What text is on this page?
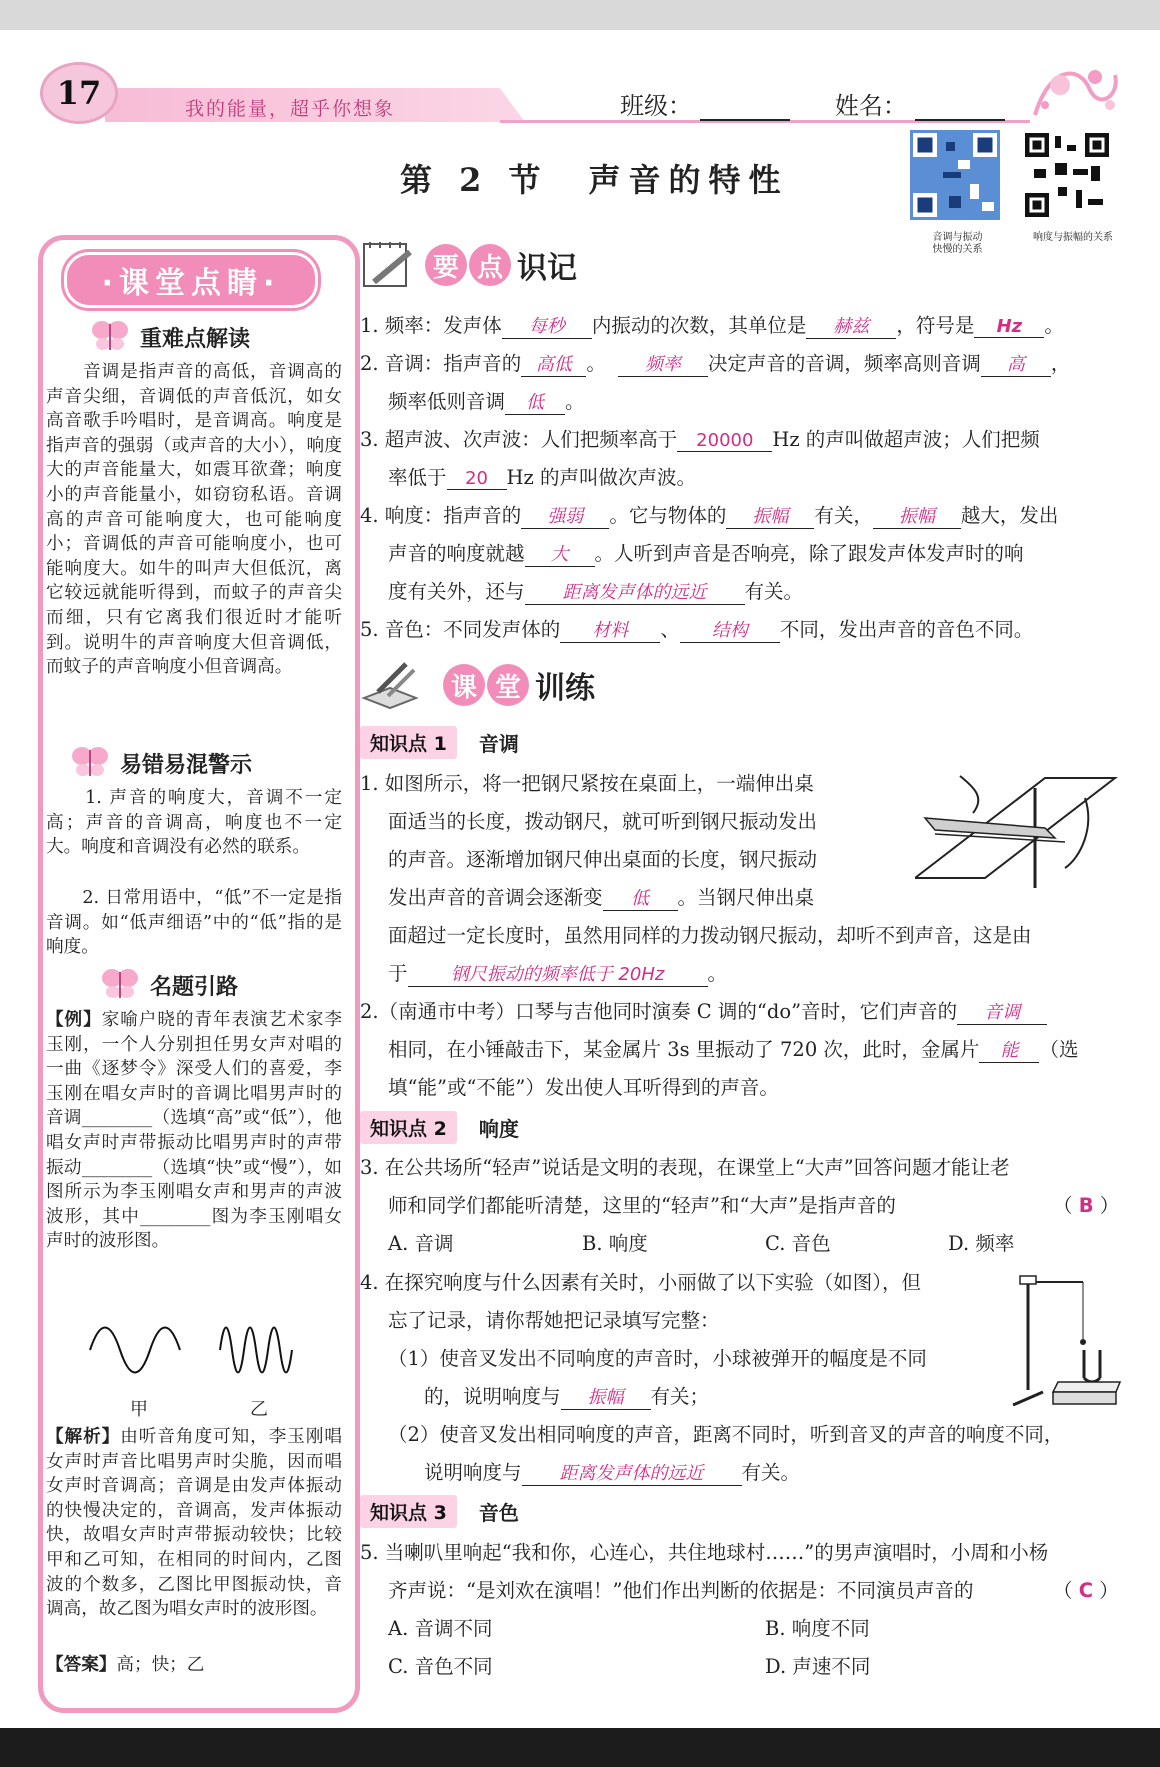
17	我的能量，超乎你想象	班级：	姓名：
第 2 节　声音的特性
音调与振动
快慢的关系
响度与振幅的关系
·课堂点睛·
重难点解读
　　音调是指声音的高低，音调高的声音尖细，音调低的声音低沉，如女高音歌手吟唱时，是音调高。响度是指声音的强弱（或声音的大小），响度大的声音能量大，如震耳欲聋；响度小的声音能量小，如窃窃私语。音调高的声音可能响度大，也可能响度小；音调低的声音可能响度小，也可能响度大。如牛的叫声大但低沉，离它较远就能听得到，而蚊子的声音尖而细，只有它离我们很近时才能听到。说明牛的声音响度大但音调低，而蚊子的声音响度小但音调高。
易错易混警示
　　1. 声音的响度大，音调不一定高；声音的音调高，响度也不一定大。响度和音调没有必然的联系。
　　2. 日常用语中，“低”不一定是指音调。如“低声细语”中的“低”指的是响度。
名题引路
【例】家喻户晓的青年表演艺术家李玉刚，一个人分别担任男女声对唱的一曲《逐梦令》深受人们的喜爱，李玉刚在唱女声时的音调比唱男声时的音调________（选填“高”或“低”），他唱女声时声带振动比唱男声时的声带振动________（选填“快”或“慢”），如图所示为李玉刚唱女声和男声的声波波形，其中________图为李玉刚唱女声时的波形图。
甲	乙
【解析】由听音角度可知，李玉刚唱女声时声音比唱男声时尖脆，因而唱女声时音调高；音调是由发声体振动的快慢决定的，音调高，发声体振动快，故唱女声时声带振动较快；比较甲和乙可知，在相同的时间内，乙图波的个数多，乙图比甲图振动快，音调高，故乙图为唱女声时的波形图。
【答案】高；快；乙
要 点 识记
1. 频率：发声体 每秒 内振动的次数，其单位是 赫兹 ，符号是 Hz 。
2. 音调：指声音的 高低 。 频率 决定声音的音调，频率高则音调 高 ，
频率低则音调 低 。
3. 超声波、次声波：人们把频率高于 20000 Hz 的声叫做超声波；人们把频
率低于 20 Hz 的声叫做次声波。
4. 响度：指声音的 强弱 。它与物体的 振幅 有关， 振幅 越大，发出
声音的响度就越 大 。人听到声音是否响亮，除了跟发声体发声时的响
度有关外，还与 距离发声体的远近 有关。
5. 音色：不同发声体的 材料 、 结构 不同，发出声音的音色不同。
课 堂 训练
知识点 1	音调
1. 如图所示，将一把钢尺紧按在桌面上，一端伸出桌
面适当的长度，拨动钢尺，就可听到钢尺振动发出
的声音。逐渐增加钢尺伸出桌面的长度，钢尺振动
发出声音的音调会逐渐变 低 。当钢尺伸出桌
面超过一定长度时，虽然用同样的力拨动钢尺振动，却听不到声音，这是由
于 钢尺振动的频率低于 20Hz 。
2.（南通市中考）口琴与吉他同时演奏 C 调的“do”音时，它们声音的 音调
相同，在小锤敲击下，某金属片 3s 里振动了 720 次，此时，金属片 能 （选
填“能”或“不能”）发出使人耳听得到的声音。
知识点 2	响度
3. 在公共场所“轻声”说话是文明的表现，在课堂上“大声”回答问题才能让老
师和同学们都能听清楚，这里的“轻声”和“大声”是指声音的	（ B ）
A. 音调	B. 响度	C. 音色	D. 频率
4. 在探究响度与什么因素有关时，小丽做了以下实验（如图），但
忘了记录，请你帮她把记录填写完整：
（1）使音叉发出不同响度的声音时，小球被弹开的幅度是不同
的，说明响度与 振幅 有关；
（2）使音叉发出相同响度的声音，距离不同时，听到音叉的声音的响度不同，
说明响度与 距离发声体的远近 有关。
知识点 3	音色
5. 当喇叭里响起“我和你，心连心，共住地球村……”的男声演唱时，小周和小杨
齐声说：“是刘欢在演唱！”他们作出判断的依据是：不同演员声音的	（ C ）
A. 音调不同	B. 响度不同
C. 音色不同	D. 声速不同
